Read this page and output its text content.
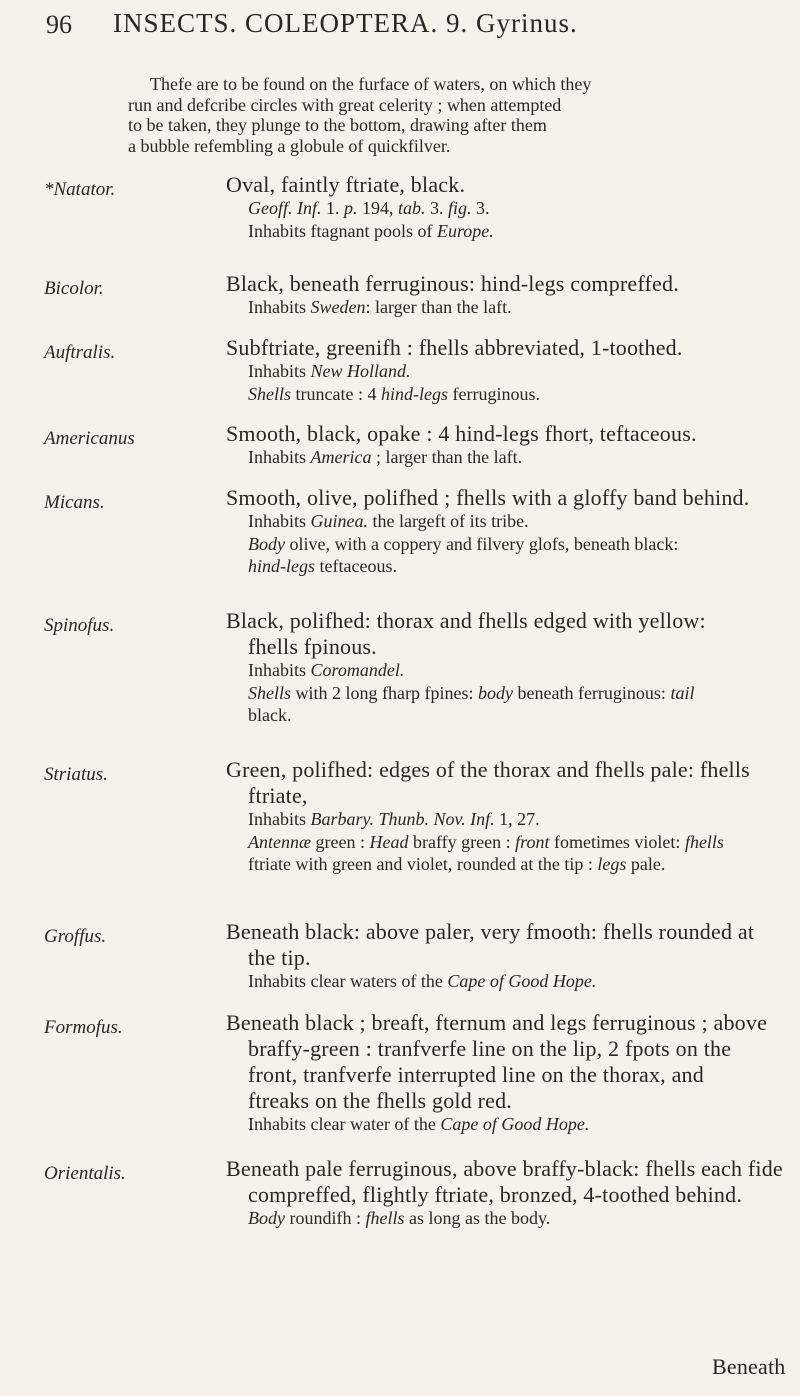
96 INSECTS. COLEOPTERA. 9. Gyrinus.
Thefe are to be found on the furface of waters, on which they
run and defcribe circles with great celerity ; when attempted
to be taken, they plunge to the bottom, drawing after them
a bubble refembling a globule of quickfilver.
*Natator.	Oval, faintly ftriate, black.
Geoff. Inf. 1. p. 194, tab. 3. fig. 3.
Inhabits ftagnant pools of Europe.
Bicolor.	Black, beneath ferruginous: hind-legs compreffed.
Inhabits Sweden: larger than the laft.
Auftralis.	Subftriate, greenifh : fhells abbreviated, 1-toothed.
Inhabits New Holland.
Shells truncate : 4 hind-legs ferruginous.
Americanus	Smooth, black, opake : 4 hind-legs fhort, teftaceous.
Inhabits America ; larger than the laft.
Micans.	Smooth, olive, polifhed ; fhells with a gloffy band behind.
Inhabits Guinea. the largeft of its tribe.
Body olive, with a coppery and filvery glofs, beneath black:
hind-legs teftaceous.
Spinofus.	Black, polifhed: thorax and fhells edged with yellow:
fhells fpinous.
Inhabits Coromandel.
Shells with 2 long fharp fpines: body beneath ferruginous: tail
black.
Striatus.	Green, polifhed: edges of the thorax and fhells pale: fhells
ftriate,
Inhabits Barbary. Thunb. Nov. Inf. 1, 27.
Antennæ green : Head braffy green : front fometimes violet: fhells
ftriate with green and violet, rounded at the tip : legs pale.
Groffus.	Beneath black: above paler, very fmooth: fhells rounded at
the tip.
Inhabits clear waters of the Cape of Good Hope.
Formofus.	Beneath black ; breaft, fternum and legs ferruginous ; above
braffy-green : tranfverfe line on the lip, 2 fpots on the
front, tranfverfe interrupted line on the thorax, and
ftreaks on the fhells gold red.
Inhabits clear water of the Cape of Good Hope.
Orientalis.	Beneath pale ferruginous, above braffy-black: fhells each fide
compreffed, flightly ftriate, bronzed, 4-toothed behind.
Body roundifh : fhells as long as the body.
Beneath
